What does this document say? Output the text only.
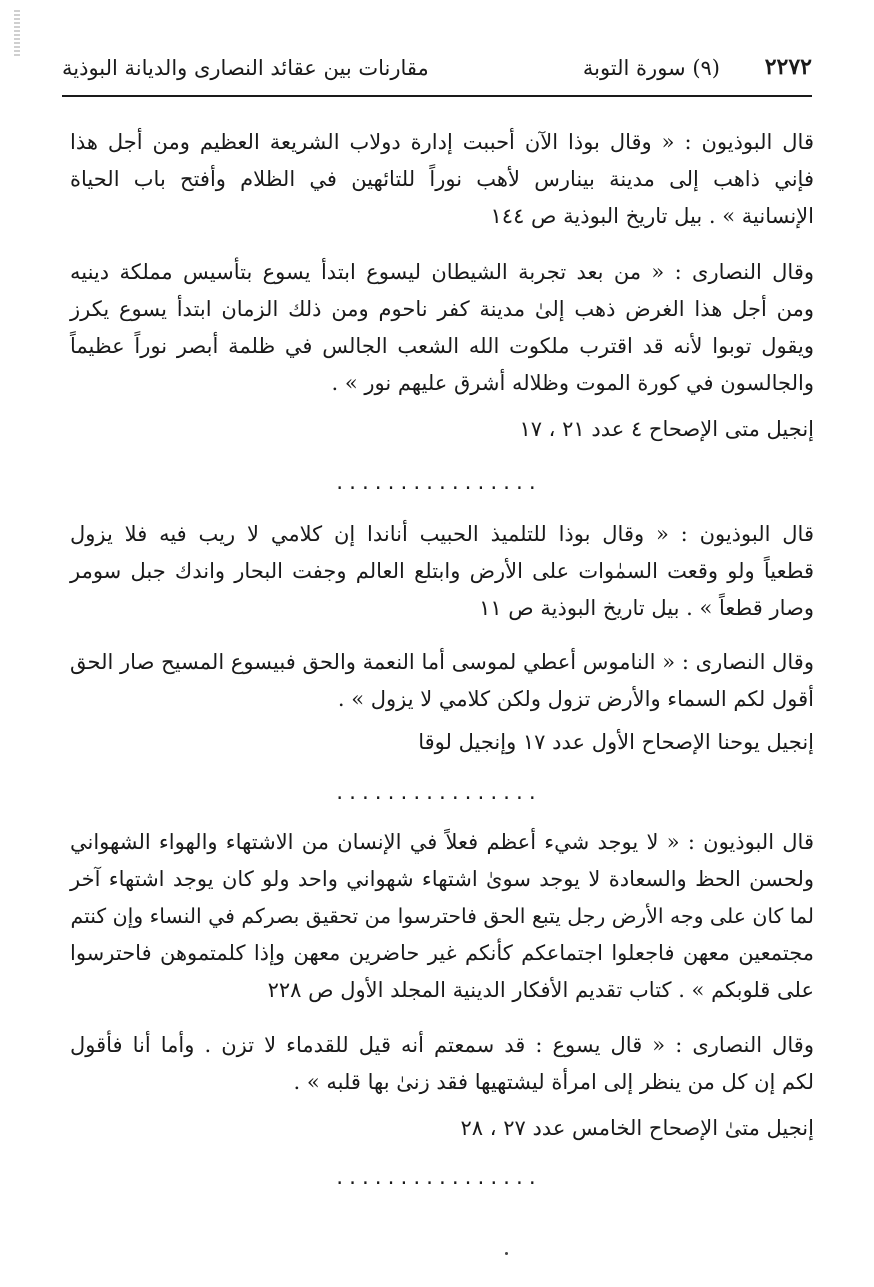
٢٢٧٢
(٩) سورة التوبة
مقارنات بين عقائد النصارى والديانة البوذية

قال البوذيون : « وقال بوذا الآن أحببت إدارة دولاب الشريعة العظيم ومن أجل هذا

فإني ذاهب إلى مدينة بينارس لأهب نوراً للتائهين في الظلام وأفتح باب الحياة

الإنسانية » . بيل تاريخ البوذية ص ١٤٤

وقال النصارى : « من بعد تجربة الشيطان ليسوع ابتدأ يسوع بتأسيس مملكة دينيه

ومن أجل هذا الغرض ذهب إلىٰ مدينة كفر ناحوم ومن ذلك الزمان ابتدأ يسوع يكرز

ويقول توبوا لأنه قد اقترب ملكوت الله الشعب الجالس في ظلمة أبصر نوراً عظيماً

والجالسون في كورة الموت وظلاله أشرق عليهم نور » .

إنجيل متى الإصحاح ٤ عدد ٢١ ، ١٧

................

قال البوذيون : « وقال بوذا للتلميذ الحبيب أناندا إن كلامي لا ريب فيه فلا يزول

قطعياً ولو وقعت السمٰوات على الأرض وابتلع العالم وجفت البحار واندك جبل سومر

وصار قطعاً » . بيل تاريخ البوذية ص ١١

وقال النصارى : « الناموس أعطي لموسى أما النعمة والحق فبيسوع المسيح صار الحق

أقول لكم السماء والأرض تزول ولكن كلامي لا يزول » .

إنجيل يوحنا الإصحاح الأول عدد ١٧ وإنجيل لوقا

................

قال البوذيون : « لا يوجد شيء أعظم فعلاً في الإنسان من الاشتهاء والهواء الشهواني

ولحسن الحظ والسعادة لا يوجد سوىٰ اشتهاء شهواني واحد ولو كان يوجد اشتهاء آخر

لما كان على وجه الأرض رجل يتبع الحق فاحترسوا من تحقيق بصركم في النساء وإن كنتم

مجتمعين معهن فاجعلوا اجتماعكم كأنكم غير حاضرين معهن وإذا كلمتموهن فاحترسوا

على قلوبكم » . كتاب تقديم الأفكار الدينية المجلد الأول ص ٢٢٨

وقال النصارى : « قال يسوع : قد سمعتم أنه قيل للقدماء لا تزن . وأما أنا فأقول

لكم إن كل من ينظر إلى امرأة ليشتهيها فقد زنىٰ بها قلبه » .

إنجيل متىٰ الإصحاح الخامس عدد ٢٧ ، ٢٨

................
